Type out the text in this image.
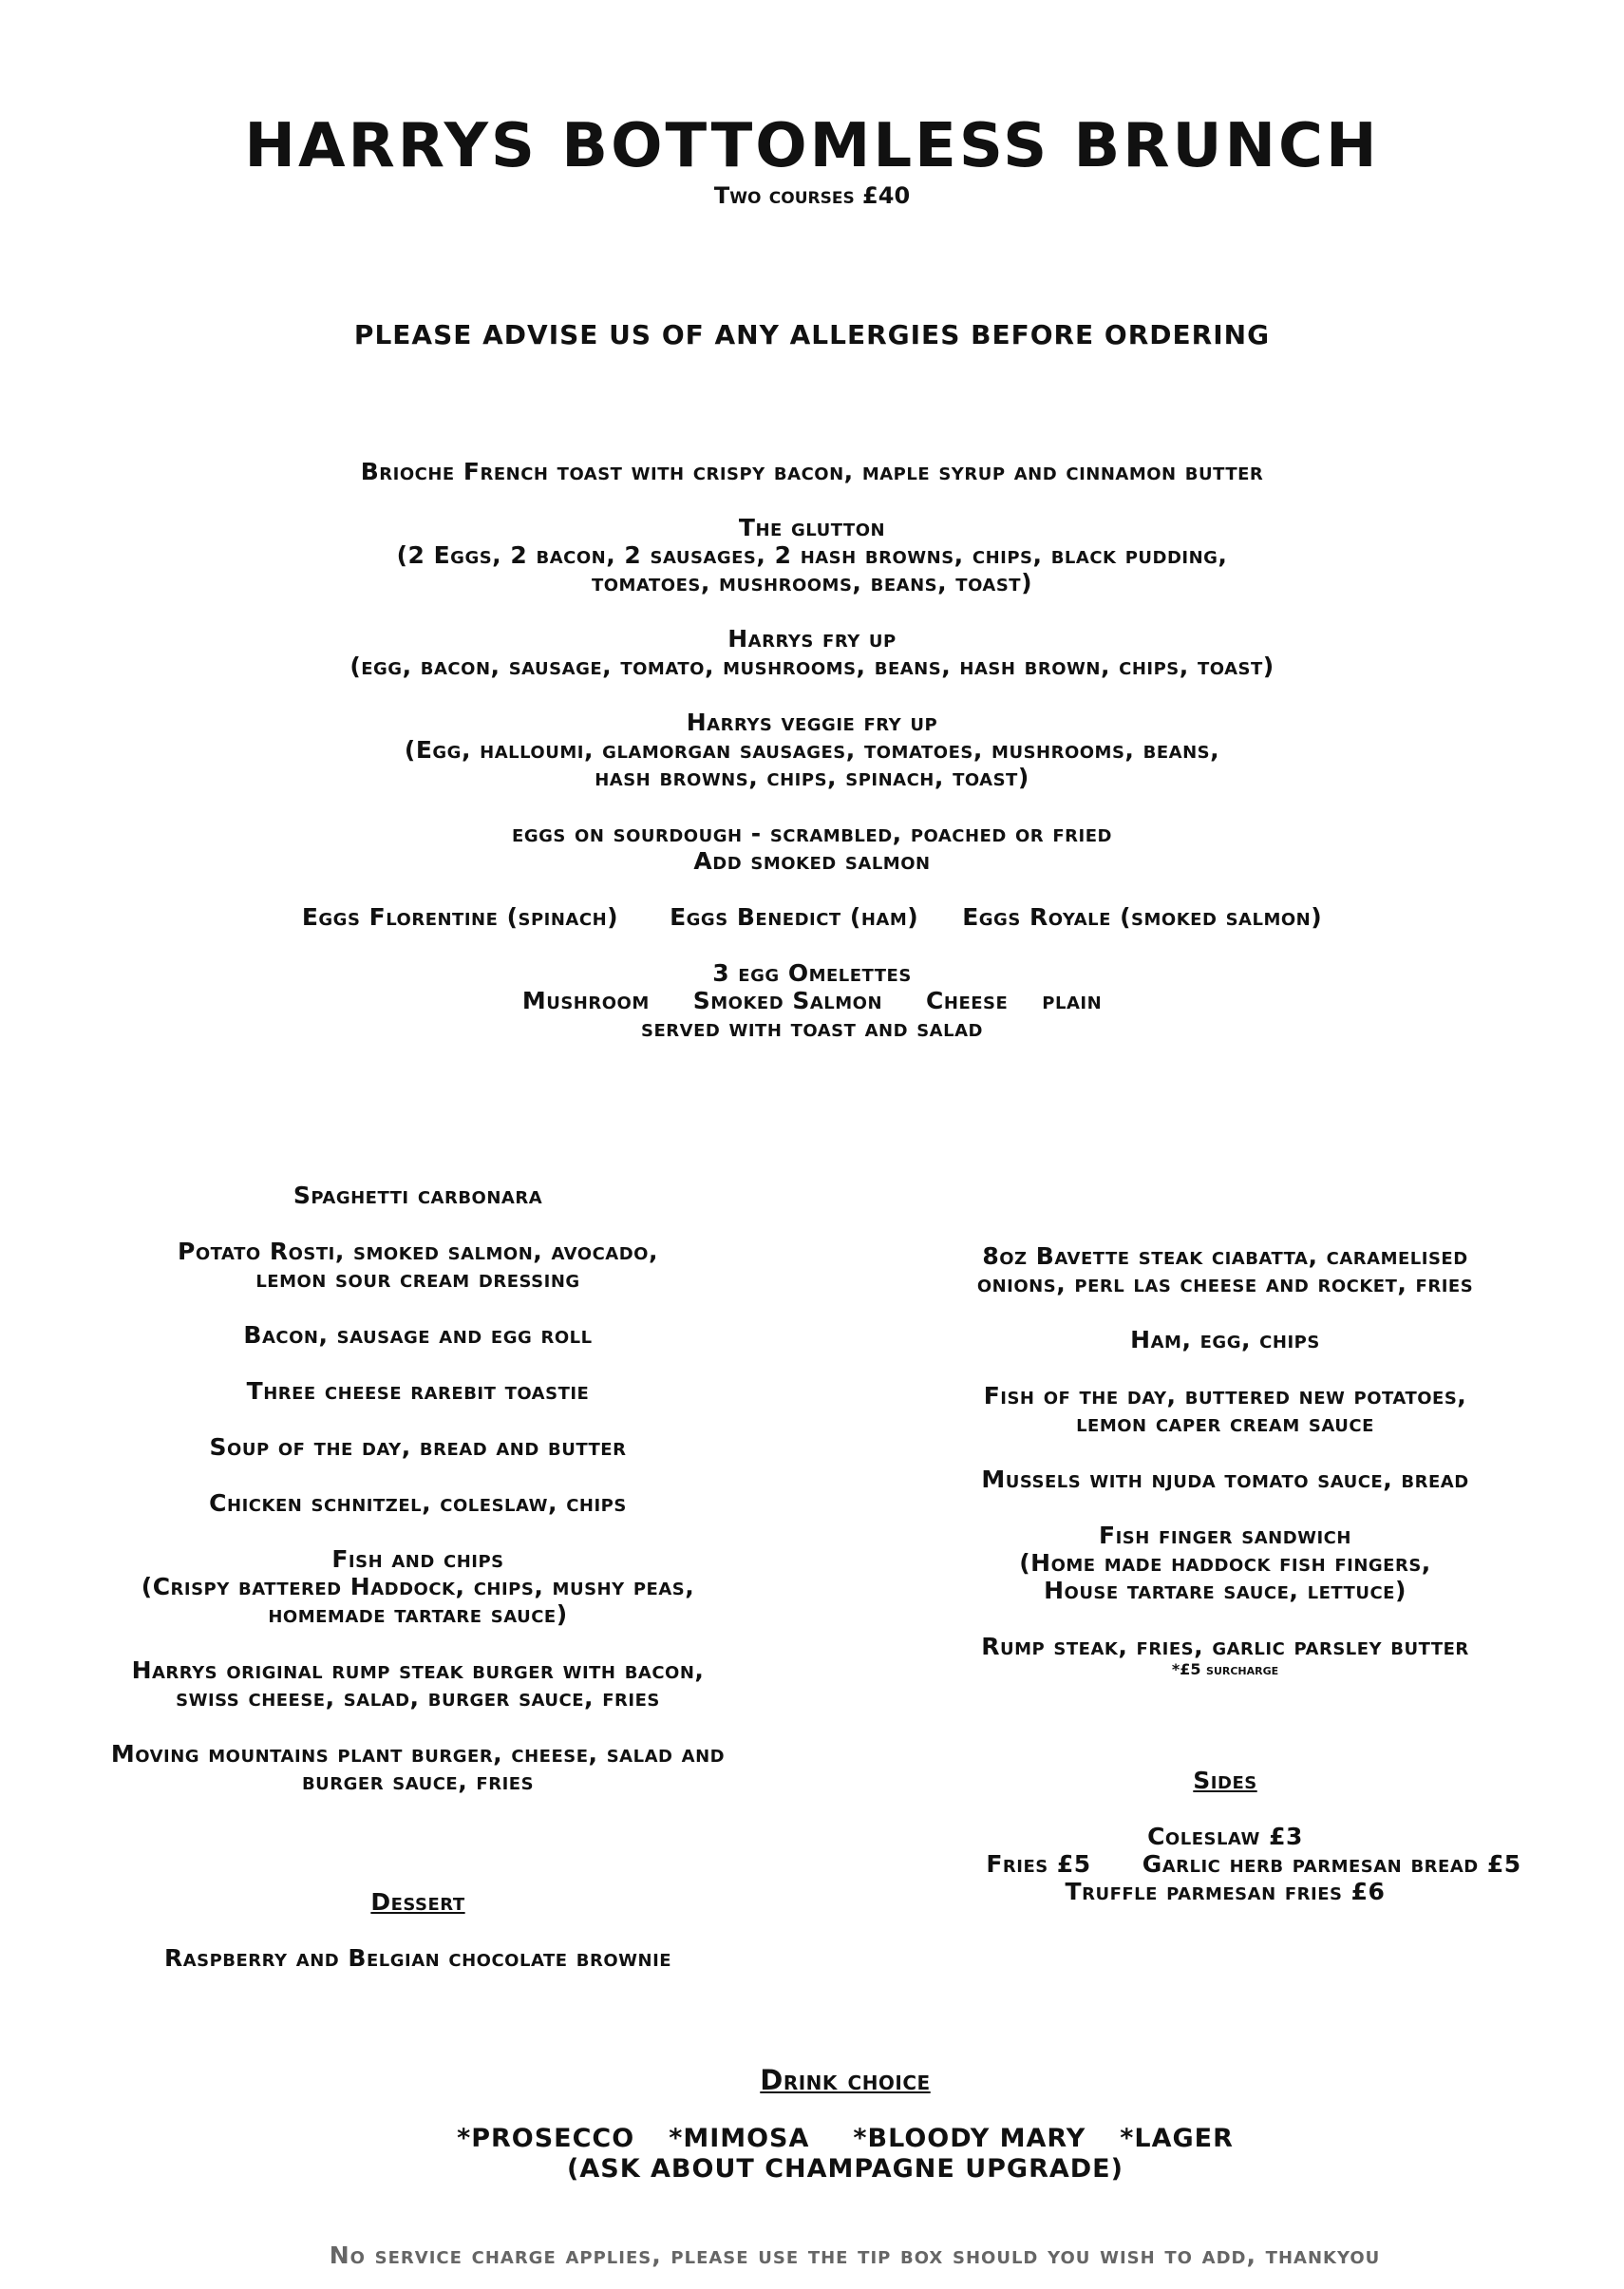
HARRYS BOTTOMLESS BRUNCH
Two courses £40
PLEASE ADVISE US OF ANY ALLERGIES BEFORE ORDERING
Brioche French toast with crispy bacon, maple syrup and cinnamon butter
The glutton
(2 Eggs, 2 bacon, 2 sausages, 2 hash browns, chips, black pudding,
tomatoes, mushrooms, beans, toast)
Harrys fry up
(egg, bacon, sausage, tomato, mushrooms, beans, hash brown, chips, toast)
Harrys veggie fry up
(Egg, halloumi, glamorgan sausages, tomatoes, mushrooms, beans,
hash browns, chips, spinach, toast)
eggs on sourdough - scrambled, poached or fried
Add smoked salmon
Eggs Florentine (spinach) Eggs Benedict (ham) Eggs Royale (smoked salmon)
3 egg Omelettes
Mushroom Smoked Salmon Cheese plain
served with toast and salad
Spaghetti carbonara
Potato Rosti, smoked salmon, avocado,
lemon sour cream dressing
Bacon, sausage and egg roll
Three cheese rarebit toastie
Soup of the day, bread and butter
Chicken schnitzel, coleslaw, chips
Fish and chips
(Crispy battered Haddock, chips, mushy peas,
homemade tartare sauce)
Harrys original rump steak burger with bacon,
swiss cheese, salad, burger sauce, fries
Moving mountains plant burger, cheese, salad and
burger sauce, fries
Dessert
Raspberry and Belgian chocolate brownie
8oz Bavette steak ciabatta, caramelised
onions, perl las cheese and rocket, fries
Ham, egg, chips
Fish of the day, buttered new potatoes,
lemon caper cream sauce
Mussels with njuda tomato sauce, bread
Fish finger sandwich
(Home made haddock fish fingers,
House tartare sauce, lettuce)
Rump steak, fries, garlic parsley butter
*£5 surcharge
Sides
Coleslaw £3
Fries £5 Garlic herb parmesan bread £5
Truffle parmesan fries £6
Drink choice
*PROSECCO *MIMOSA *BLOODY MARY *LAGER
(ASK ABOUT CHAMPAGNE UPGRADE)
No service charge applies, please use the tip box should you wish to add, thankyou
